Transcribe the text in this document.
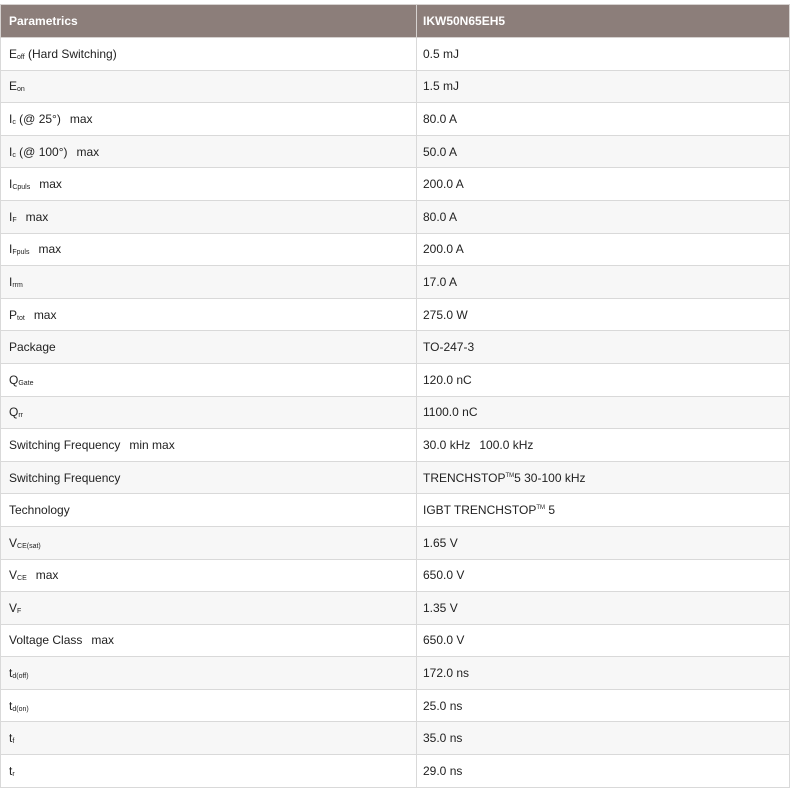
Parametrics	IKW50N65EH5
$E_{off}$ (Hard Switching)	0.5 mJ
$E_{on}$	1.5 mJ
$I_c$ (@ 25°) max	80.0 A
$I_c$ (@ 100°) max	50.0 A
$I_{Cpuls}$ max	200.0 A
$I_F$ max	80.0 A
$I_{Fpuls}$ max	200.0 A
$I_{rrm}$	17.0 A
$P_{tot}$ max	275.0 W
Package	TO-247-3
$Q_{Gate}$	120.0 nC
$Q_{rr}$	1100.0 nC
Switching Frequency min max	30.0 kHz 100.0 kHz
Switching Frequency	TRENCHSTOP™5 30-100 kHz
Technology	IGBT TRENCHSTOP™ 5
$V_{CE(sat)}$	1.65 V
$V_{CE}$ max	650.0 V
$V_F$	1.35 V
Voltage Class max	650.0 V
$t_{d(off)}$	172.0 ns
$t_{d(on)}$	25.0 ns
$t_f$	35.0 ns
$t_r$	29.0 ns
